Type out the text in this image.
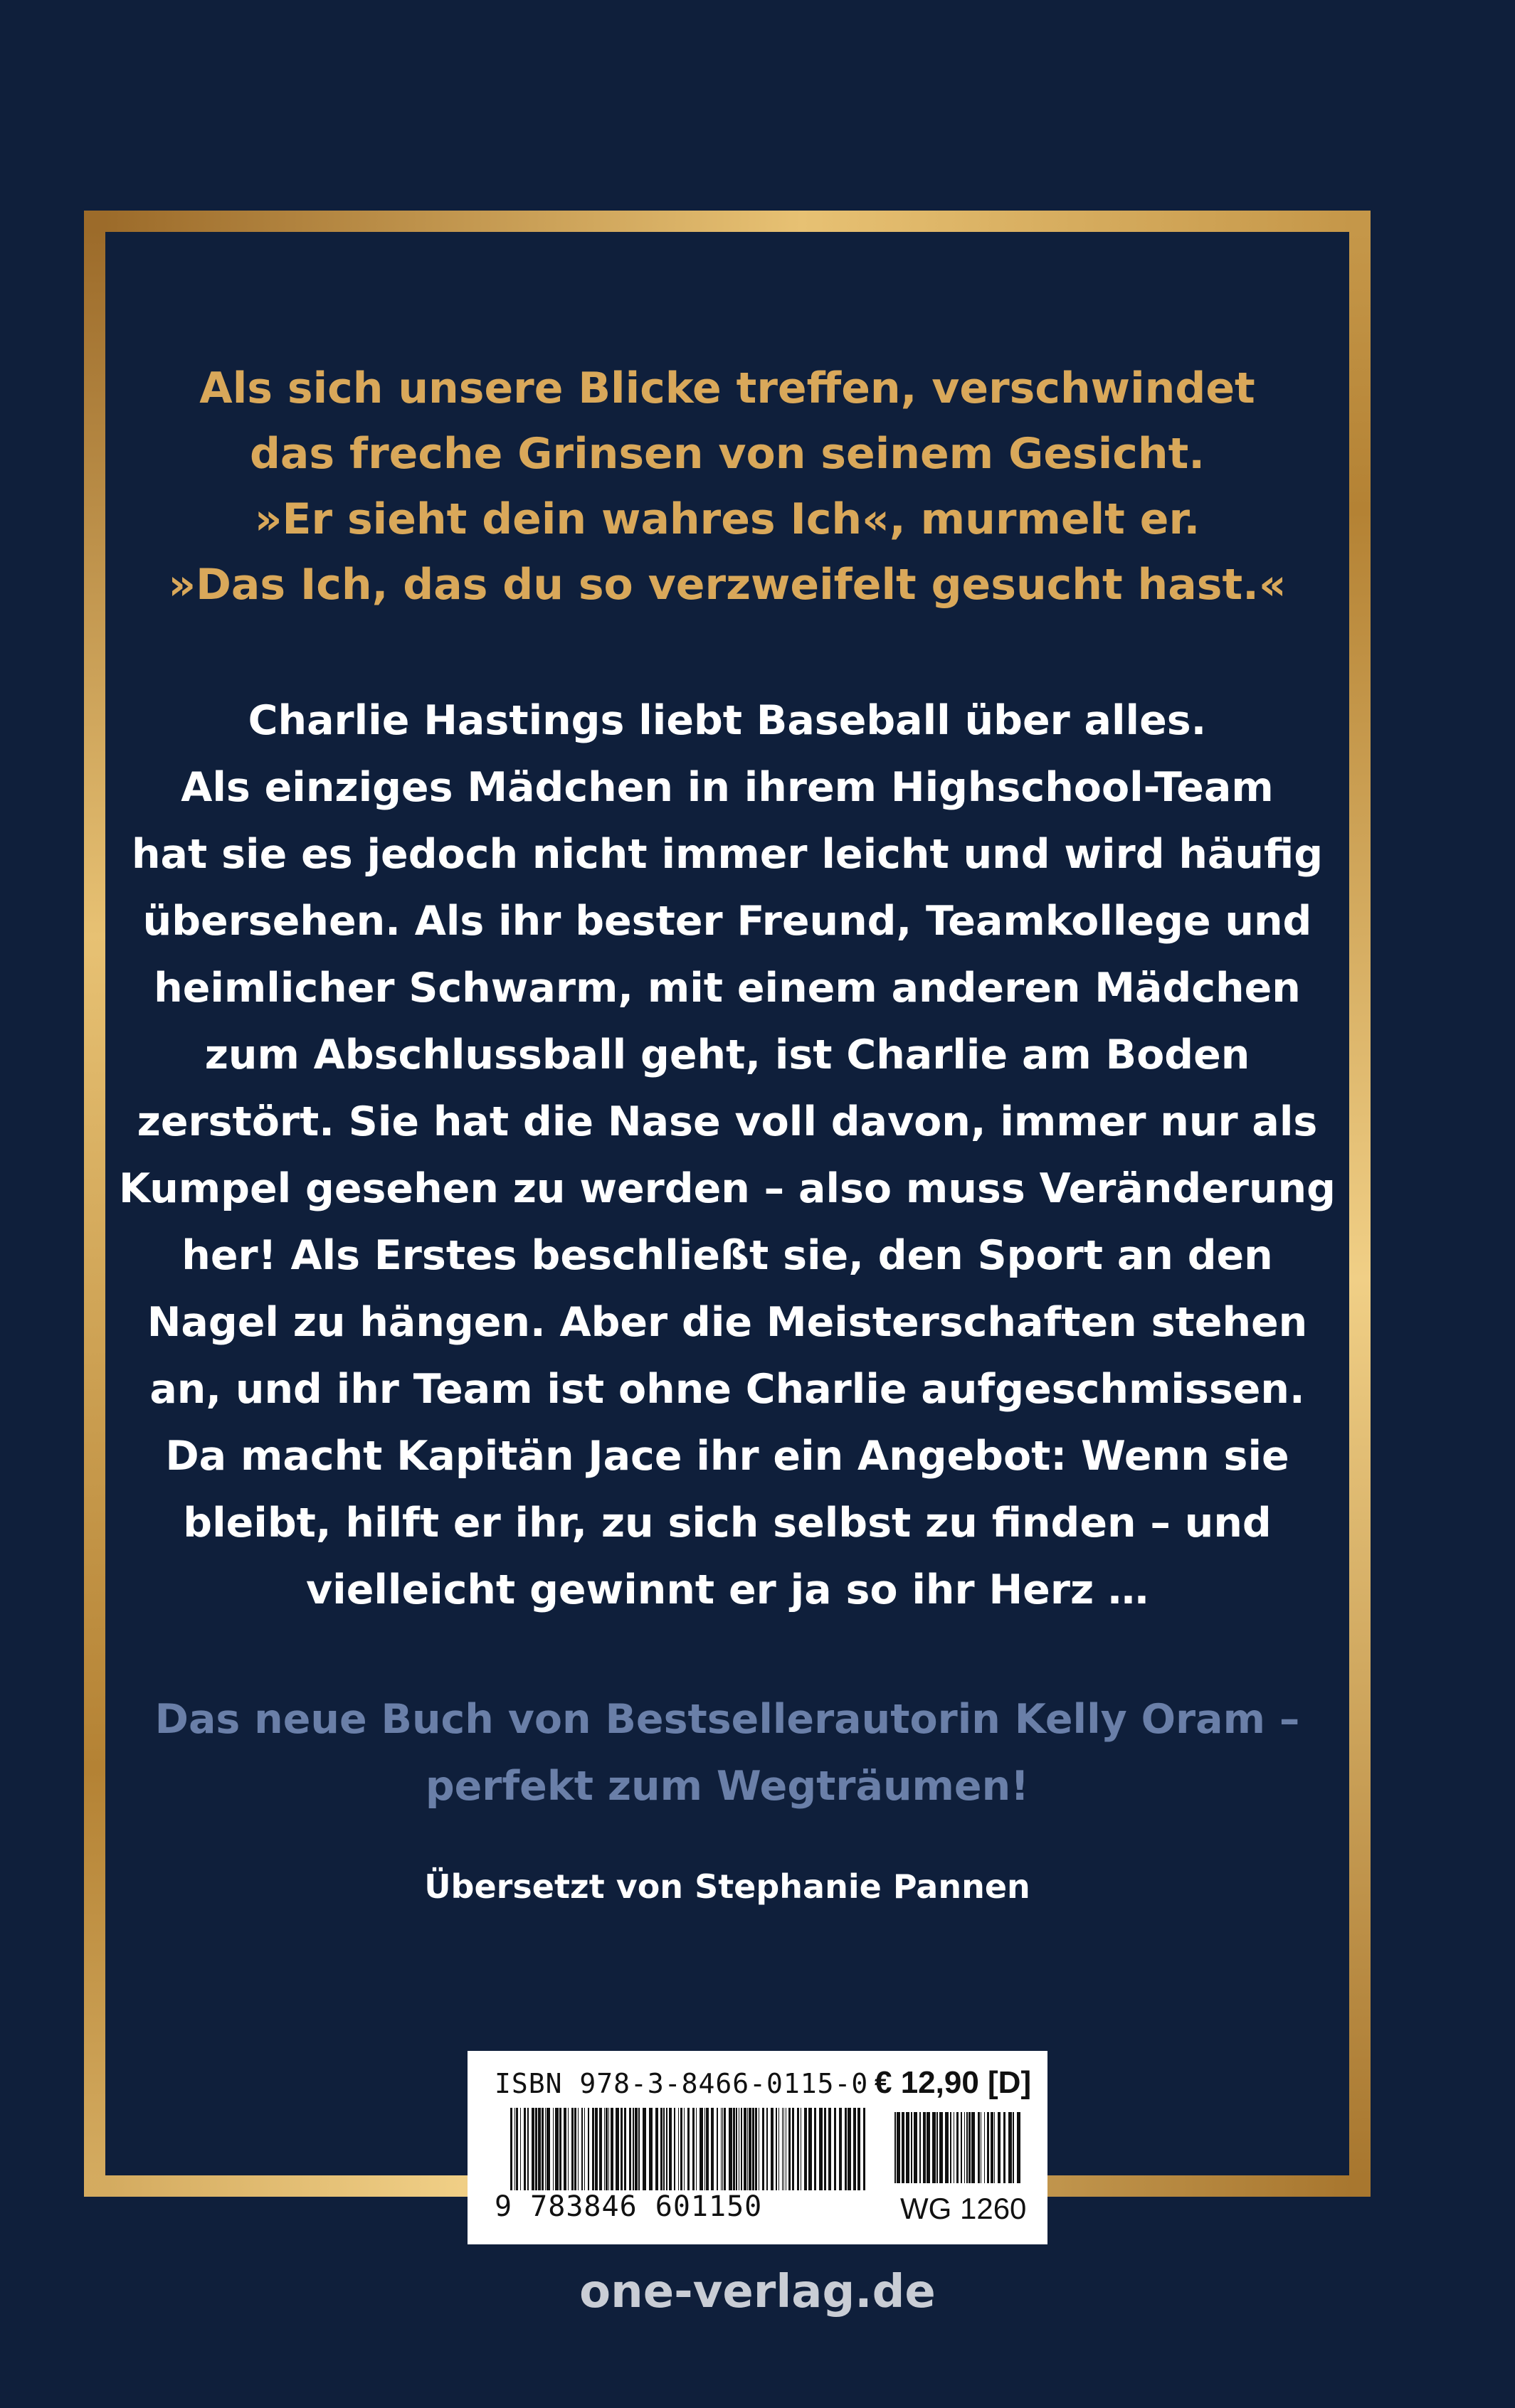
Als sich unsere Blicke treffen, verschwindet
das freche Grinsen von seinem Gesicht.
»Er sieht dein wahres Ich«, murmelt er.
»Das Ich, das du so verzweifelt gesucht hast.«
Charlie Hastings liebt Baseball über alles.
Als einziges Mädchen in ihrem Highschool-Team
hat sie es jedoch nicht immer leicht und wird häufig
übersehen. Als ihr bester Freund, Teamkollege und
heimlicher Schwarm, mit einem anderen Mädchen
zum Abschlussball geht, ist Charlie am Boden
zerstört. Sie hat die Nase voll davon, immer nur als
Kumpel gesehen zu werden – also muss Veränderung
her! Als Erstes beschließt sie, den Sport an den
Nagel zu hängen. Aber die Meisterschaften stehen
an, und ihr Team ist ohne Charlie aufgeschmissen.
Da macht Kapitän Jace ihr ein Angebot: Wenn sie
bleibt, hilft er ihr, zu sich selbst zu finden – und
vielleicht gewinnt er ja so ihr Herz …
Das neue Buch von Bestsellerautorin Kelly Oram –
perfekt zum Wegträumen!
Übersetzt von Stephanie Pannen
ISBN 978-3-8466-0115-0 € 12,90 [D]
9 783846 601150	WG 1260
one-verlag.de
